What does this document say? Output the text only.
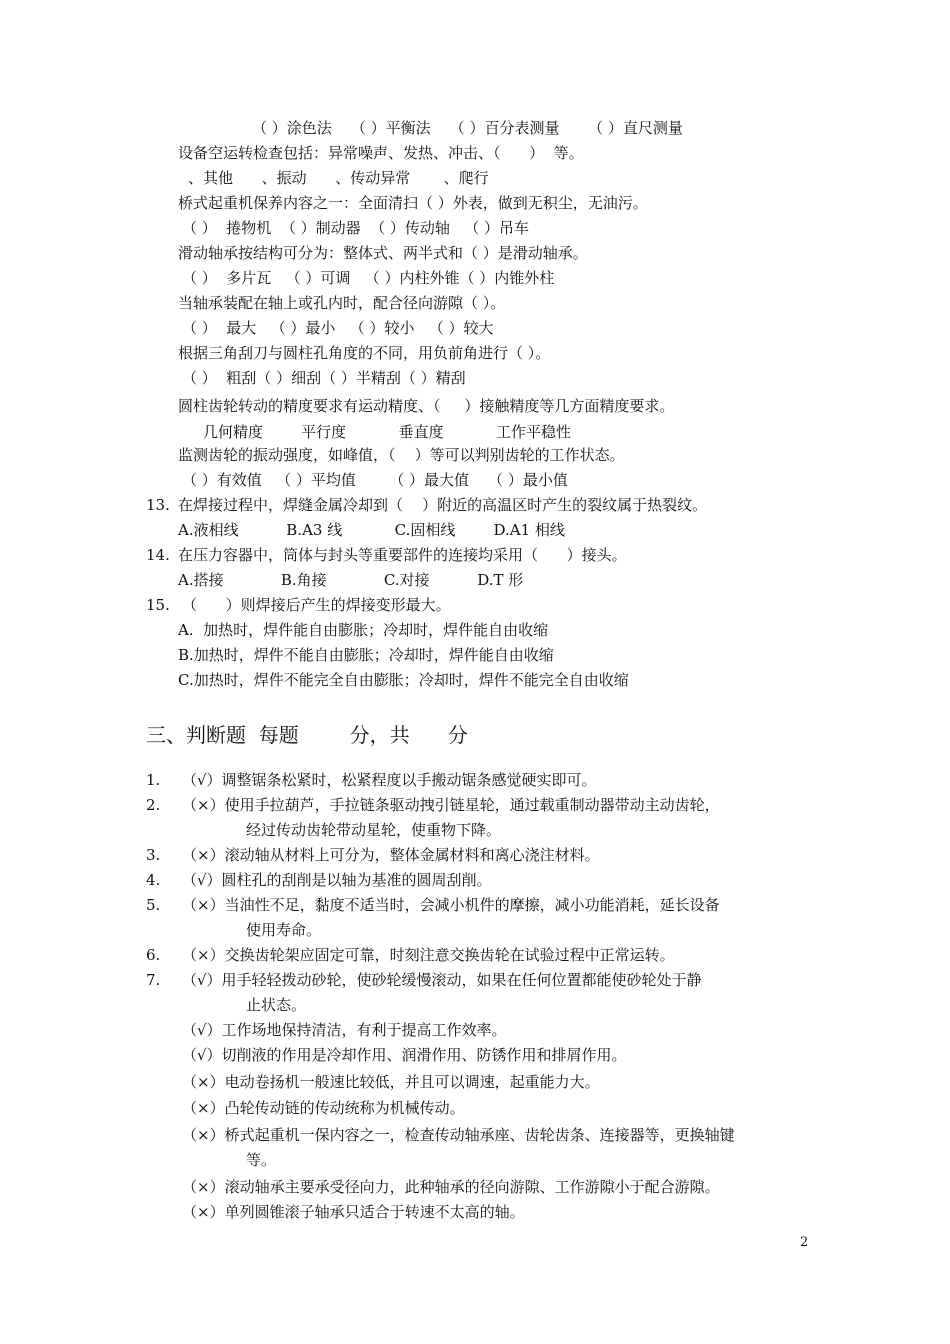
（ ）涂色法    （ ）平衡法    （ ）百分表测量      （ ）直尺测量
设备空运转检查包括：异常噪声、发热、冲击、（      ）  等。
、其他      、振动      、传动异常       、爬行
桥式起重机保养内容之一：全面清扫（ ）外表，做到无积尘，无油污。
（ ）  捲物机  （ ）制动器  （ ）传动轴   （ ）吊车
滑动轴承按结构可分为：整体式、两半式和（ ）是滑动轴承。
（ ）  多片瓦   （ ）可调   （ ）内柱外锥（ ）内锥外柱
当轴承装配在轴上或孔内时，配合径向游隙（ ）。
（ ）  最大   （ ）最小   （ ）较小   （ ）较大
根据三角刮刀与圆柱孔角度的不同，用负前角进行（ ）。
（ ）  粗刮（ ）细刮（ ）半精刮（ ）精刮
圆柱齿轮转动的精度要求有运动精度、（     ）接触精度等几方面精度要求。
几何精度        平行度           垂直度           工作平稳性
监测齿轮的振动强度，如峰值，（    ）等可以判别齿轮的工作状态。
（ ）有效值   （ ）平均值       （ ）最大值    （ ）最小值
13. 在焊接过程中，焊缝金属冷却到（    ）附近的高温区时产生的裂纹属于热裂纹。
A.液相线          B.A3 线           C.固相线        D.A1 相线
14. 在压力容器中，筒体与封头等重要部件的连接均采用（      ）接头。
A.搭接            B.角接            C.对接          D.T 形
15. （      ）则焊接后产生的焊接变形最大。
A.  加热时，焊件能自由膨胀；冷却时，焊件能自由收缩
B.加热时，焊件不能自由膨胀；冷却时，焊件能自由收缩
C.加热时，焊件不能完全自由膨胀；冷却时，焊件不能完全自由收缩
三、判断题  每题        分，共      分
1. （√）调整锯条松紧时，松紧程度以手搬动锯条感觉硬实即可。
2. （×）使用手拉葫芦，手拉链条驱动拽引链星轮，通过载重制动器带动主动齿轮，
经过传动齿轮带动星轮，使重物下降。
3. （×）滚动轴从材料上可分为，整体金属材料和离心浇注材料。
4. （√）圆柱孔的刮削是以轴为基准的圆周刮削。
5. （×）当油性不足，黏度不适当时，会减小机件的摩擦，减小功能消耗，延长设备
使用寿命。
6. （×）交换齿轮架应固定可靠，时刻注意交换齿轮在试验过程中正常运转。
7. （√）用手轻轻拨动砂轮，使砂轮缓慢滚动，如果在任何位置都能使砂轮处于静
止状态。
（√）工作场地保持清洁，有利于提高工作效率。
（√）切削液的作用是冷却作用、润滑作用、防锈作用和排屑作用。
（×）电动卷扬机一般速比较低，并且可以调速，起重能力大。
（×）凸轮传动链的传动统称为机械传动。
（×）桥式起重机一保内容之一，检查传动轴承座、齿轮齿条、连接器等，更换轴键
等。
（×）滚动轴承主要承受径向力，此种轴承的径向游隙、工作游隙小于配合游隙。
（×）单列圆锥滚子轴承只适合于转速不太高的轴。
2
